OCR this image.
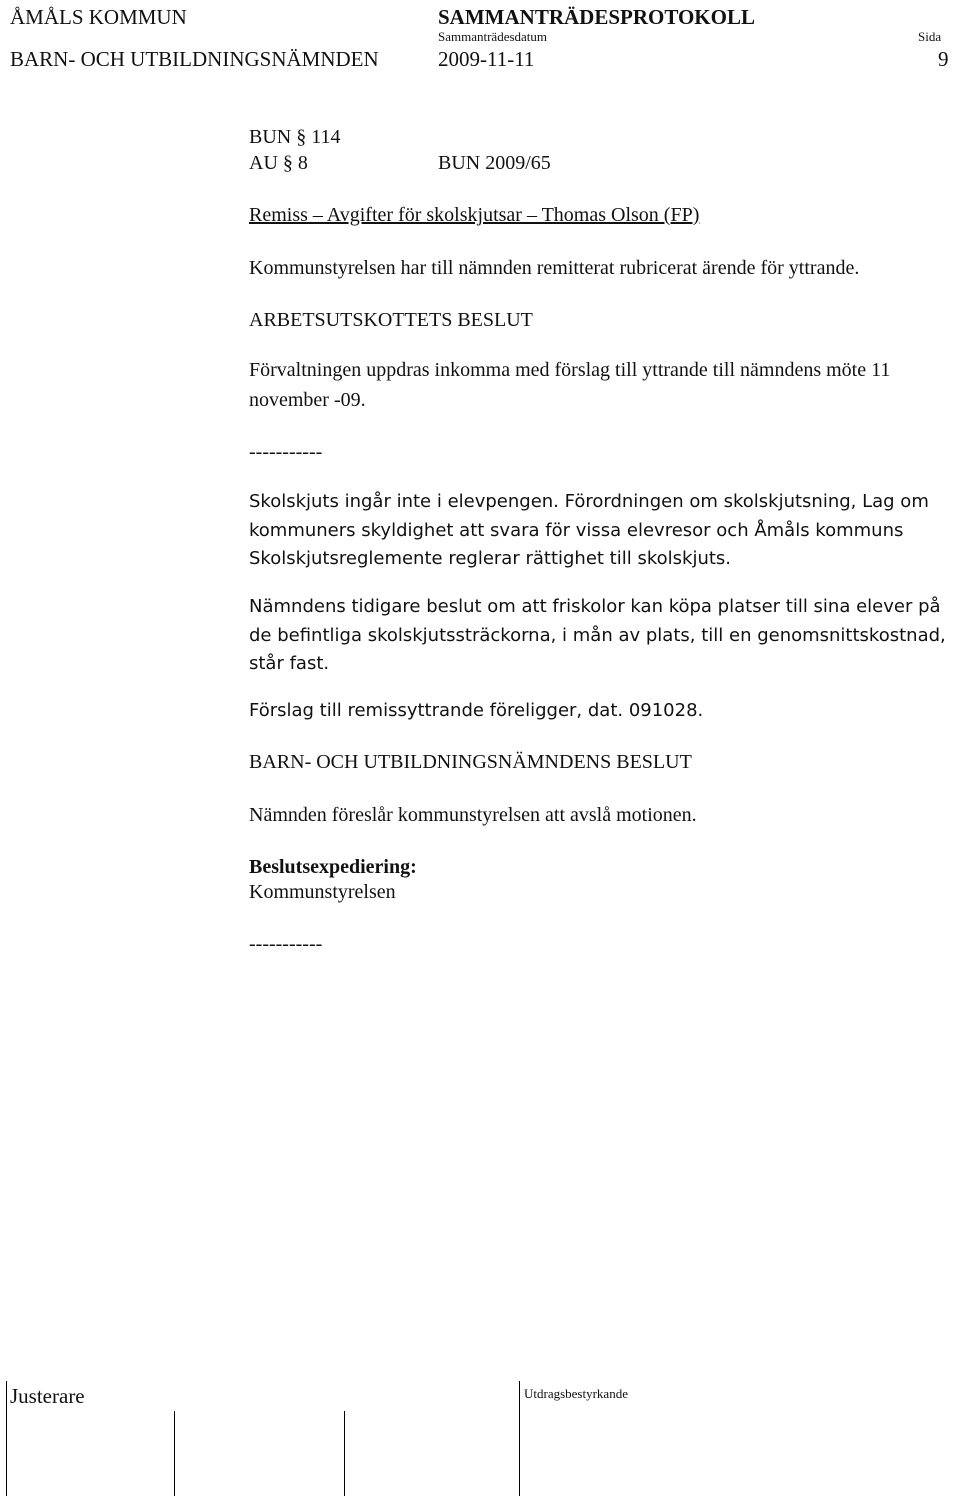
ÅMÅLS KOMMUN	SAMMANTRÄDESPROTOKOLL
Sammanträdesdatum	Sida
BARN- OCH UTBILDNINGSNÄMNDEN	2009-11-11	9
BUN § 114
AU § 8	BUN 2009/65
Remiss – Avgifter för skolskjutsar – Thomas Olson (FP)
Kommunstyrelsen har till nämnden remitterat rubricerat ärende för yttrande.
ARBETSUTSKOTTETS BESLUT
Förvaltningen uppdras inkomma med förslag till yttrande till nämndens möte 11 november -09.
-----------
Skolskjuts ingår inte i elevpengen. Förordningen om skolskjutsning, Lag om kommuners skyldighet att svara för vissa elevresor och Åmåls kommuns Skolskjutsreglemente reglerar rättighet till skolskjuts.
Nämndens tidigare beslut om att friskolor kan köpa platser till sina elever på de befintliga skolskjutssträckorna, i mån av plats, till en genomsnittskostnad, står fast.
Förslag till remissyttrande föreligger, dat. 091028.
BARN- OCH UTBILDNINGSNÄMNDENS BESLUT
Nämnden föreslår kommunstyrelsen att avslå motionen.
Beslutsexpediering:
Kommunstyrelsen
-----------
Justerare	Utdragsbestyrkande
